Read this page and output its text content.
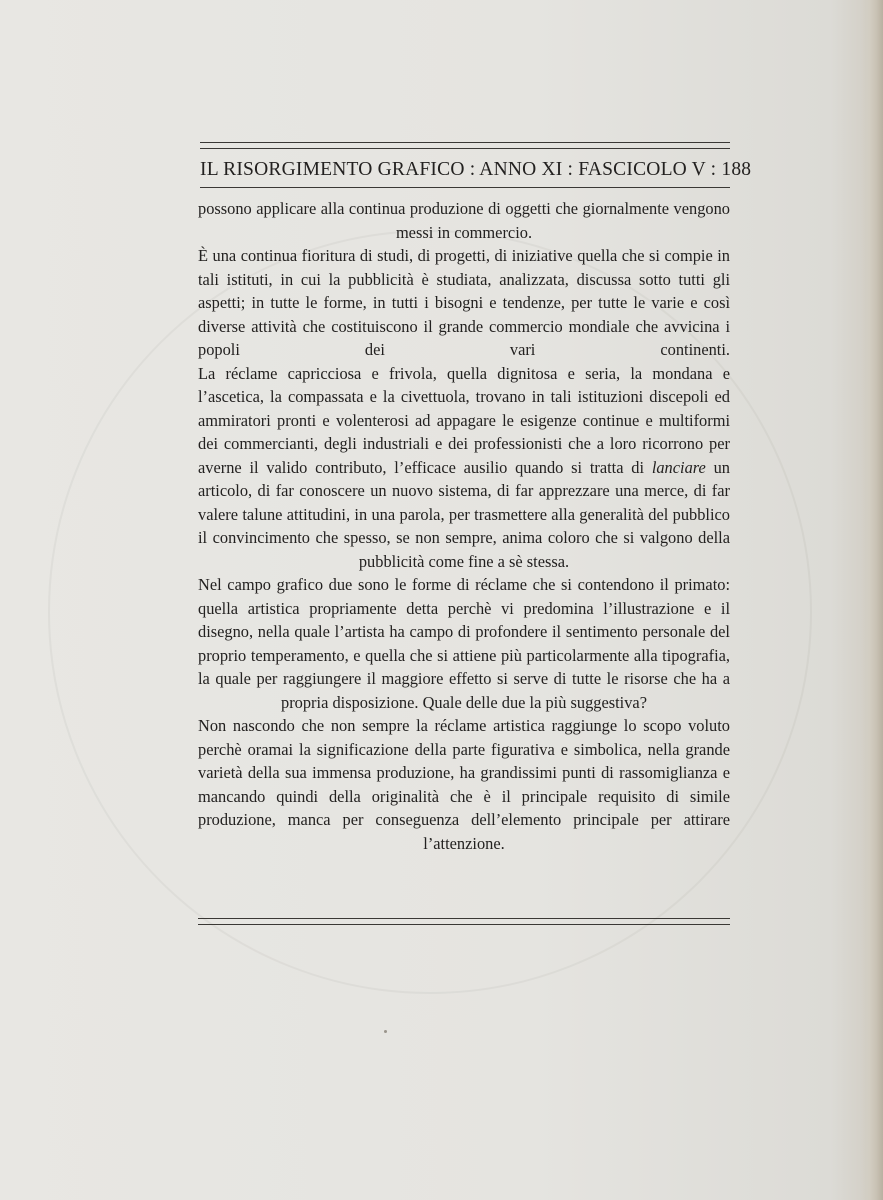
IL RISORGIMENTO GRAFICO : ANNO XI : FASCICOLO V : 188

possono applicare alla continua produzione di oggetti che giornalmente vengono messi in commercio.

È una continua fioritura di studi, di progetti, di iniziative quella che si compie in tali istituti, in cui la pubblicità è studiata, analizzata, discussa sotto tutti gli aspetti; in tutte le forme, in tutti i bisogni e tendenze, per tutte le varie e così diverse attività che costituiscono il grande commercio mondiale che avvicina i popoli dei vari continenti.

La réclame capricciosa e frivola, quella dignitosa e seria, la mondana e l’ascetica, la compassata e la civettuola, trovano in tali istituzioni discepoli ed ammiratori pronti e volenterosi ad appagare le esigenze continue e multiformi dei commercianti, degli industriali e dei professionisti che a loro ricorrono per averne il valido contributo, l’efficace ausilio quando si tratta di lanciare un articolo, di far conoscere un nuovo sistema, di far apprezzare una merce, di far valere talune attitudini, in una parola, per trasmettere alla generalità del pubblico il convincimento che spesso, se non sempre, anima coloro che si valgono della pubblicità come fine a sè stessa.

Nel campo grafico due sono le forme di réclame che si contendono il primato: quella artistica propriamente detta perchè vi predomina l’illustrazione e il disegno, nella quale l’artista ha campo di profondere il sentimento personale del proprio temperamento, e quella che si attiene più particolarmente alla tipografia, la quale per raggiungere il maggiore effetto si serve di tutte le risorse che ha a propria disposizione. Quale delle due la più suggestiva?

Non nascondo che non sempre la réclame artistica raggiunge lo scopo voluto perchè oramai la significazione della parte figurativa e simbolica, nella grande varietà della sua immensa produzione, ha grandissimi punti di rassomiglianza e mancando quindi della originalità che è il principale requisito di simile produzione, manca per conseguenza dell’elemento principale per attirare l’attenzione.
